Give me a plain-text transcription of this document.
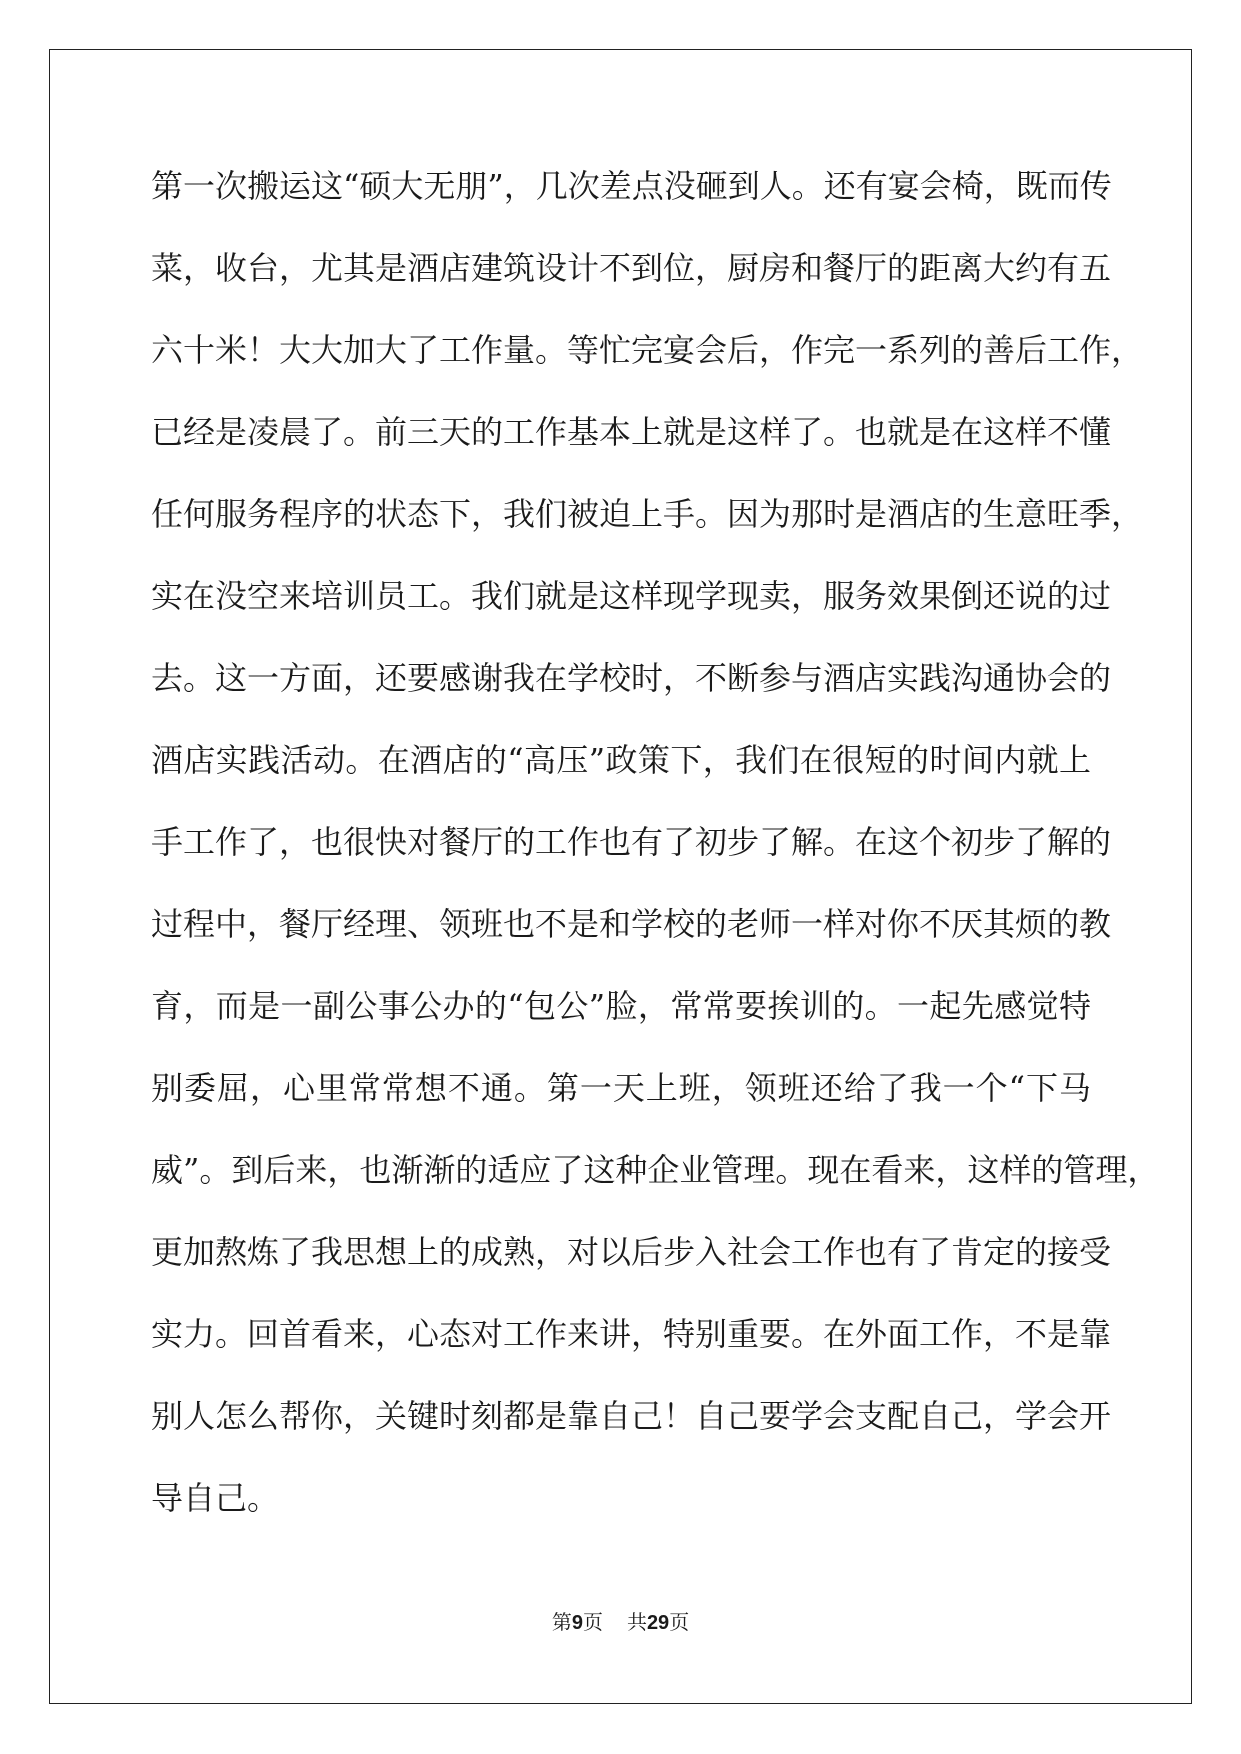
第一次搬运这“硕大无朋”，几次差点没砸到人。还有宴会椅，既而传
菜，收台，尤其是酒店建筑设计不到位，厨房和餐厅的距离大约有五
六十米！大大加大了工作量。等忙完宴会后，作完一系列的善后工作，
已经是凌晨了。前三天的工作基本上就是这样了。也就是在这样不懂
任何服务程序的状态下，我们被迫上手。因为那时是酒店的生意旺季，
实在没空来培训员工。我们就是这样现学现卖，服务效果倒还说的过
去。这一方面，还要感谢我在学校时，不断参与酒店实践沟通协会的
酒店实践活动。在酒店的“高压”政策下，我们在很短的时间内就上
手工作了，也很快对餐厅的工作也有了初步了解。在这个初步了解的
过程中，餐厅经理、领班也不是和学校的老师一样对你不厌其烦的教
育，而是一副公事公办的“包公”脸，常常要挨训的。一起先感觉特
别委屈，心里常常想不通。第一天上班，领班还给了我一个“下马
威”。到后来，也渐渐的适应了这种企业管理。现在看来，这样的管理，
更加熬炼了我思想上的成熟，对以后步入社会工作也有了肯定的接受
实力。回首看来，心态对工作来讲，特别重要。在外面工作，不是靠
别人怎么帮你，关键时刻都是靠自己！自己要学会支配自己，学会开
导自己。
第9页 共29页
